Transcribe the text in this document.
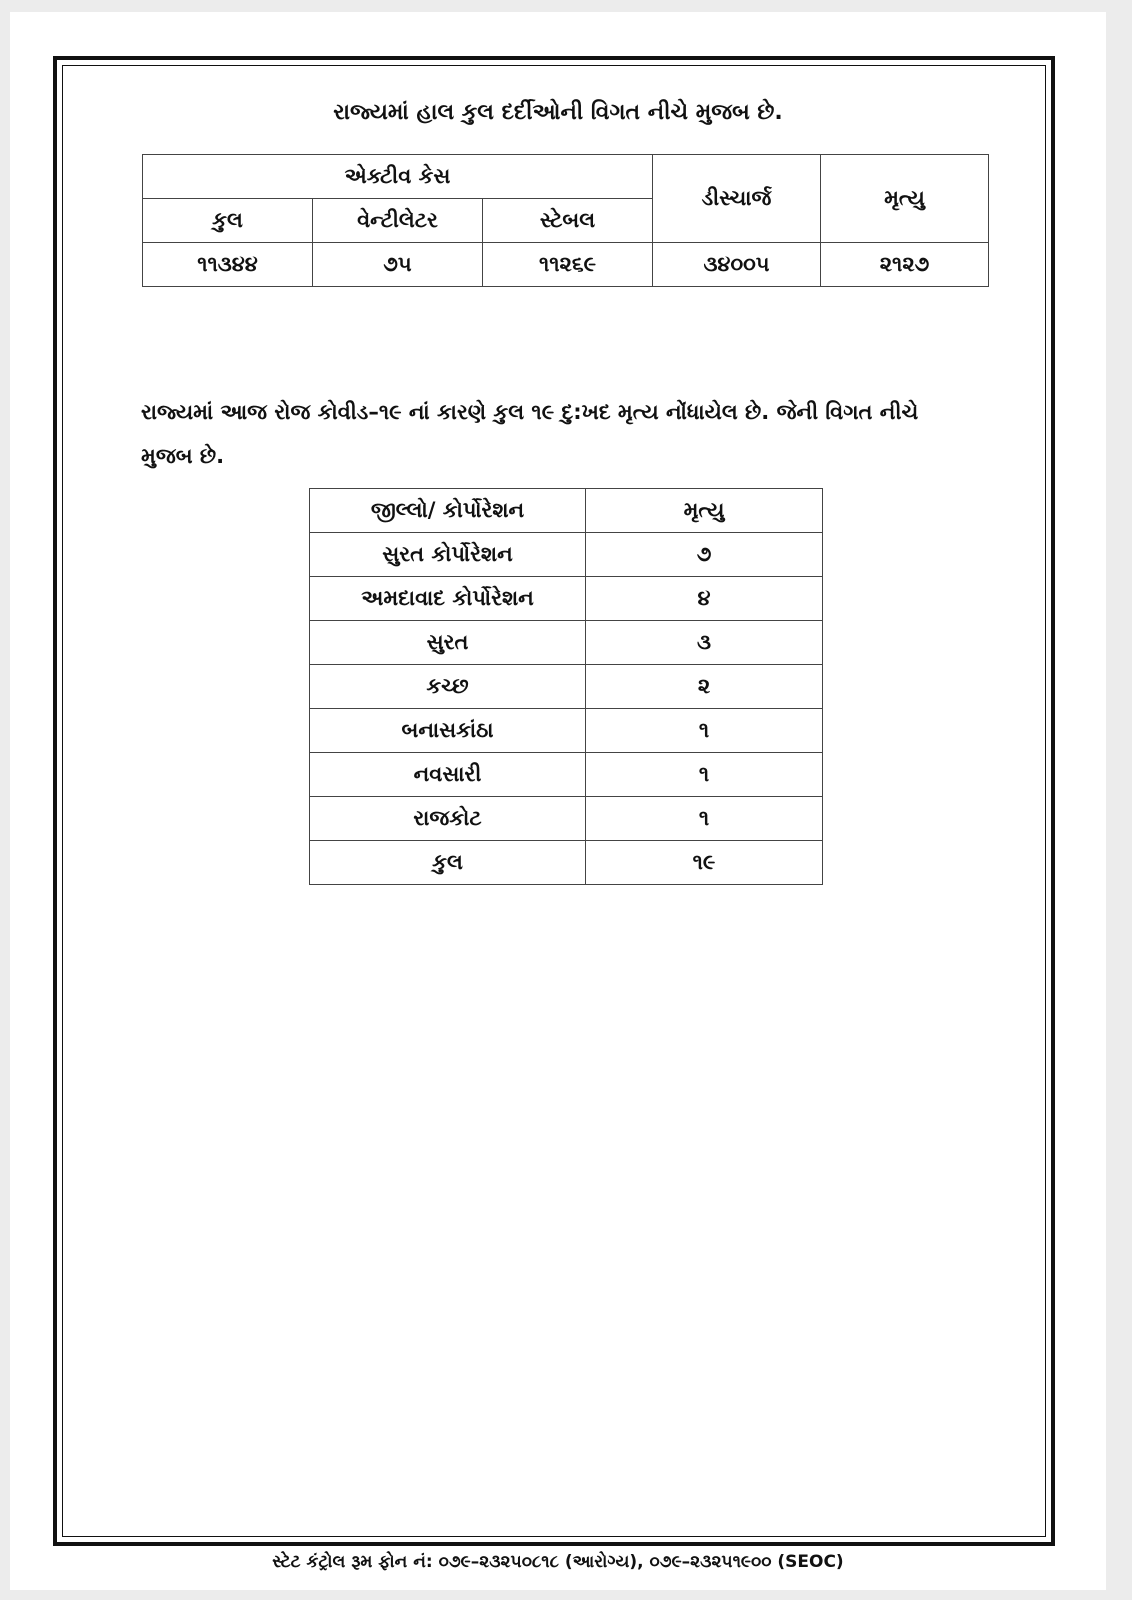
રાજ્યમાં હાલ કુલ દર્દીઓની વિગત નીચે મુજબ છે.
એક્ટીવ કેસ			ડીસ્ચાર્જ	મૃત્યુ
કુલ	વેન્ટીલેટર	સ્ટેબલ		
૧૧૩૪૪	૭૫	૧૧૨૬૯	૩૪૦૦૫	૨૧૨૭
રાજ્યમાં આજ રોજ કોવીડ–૧૯ નાં કારણે કુલ ૧૯ દુ:ખદ મૃત્ય નોંધાયેલ છે. જેની વિગત નીચે મુજબ છે.
જીલ્લો/ કોર્પોરેશન	મૃત્યુ
સુરત કોર્પોરેશન	૭
અમદાવાદ કોર્પોરેશન	૪
સુરત	૩
કચ્છ	૨
બનાસકાંઠા	૧
નવસારી	૧
રાજકોટ	૧
કુલ	૧૯
સ્ટેટ કંટ્રોલ રૂમ ફોન નં: ૦૭૯–૨૩૨૫૦૮૧૮ (આરોગ્ય), ૦૭૯–૨૩૨૫૧૯૦૦ (SEOC)
